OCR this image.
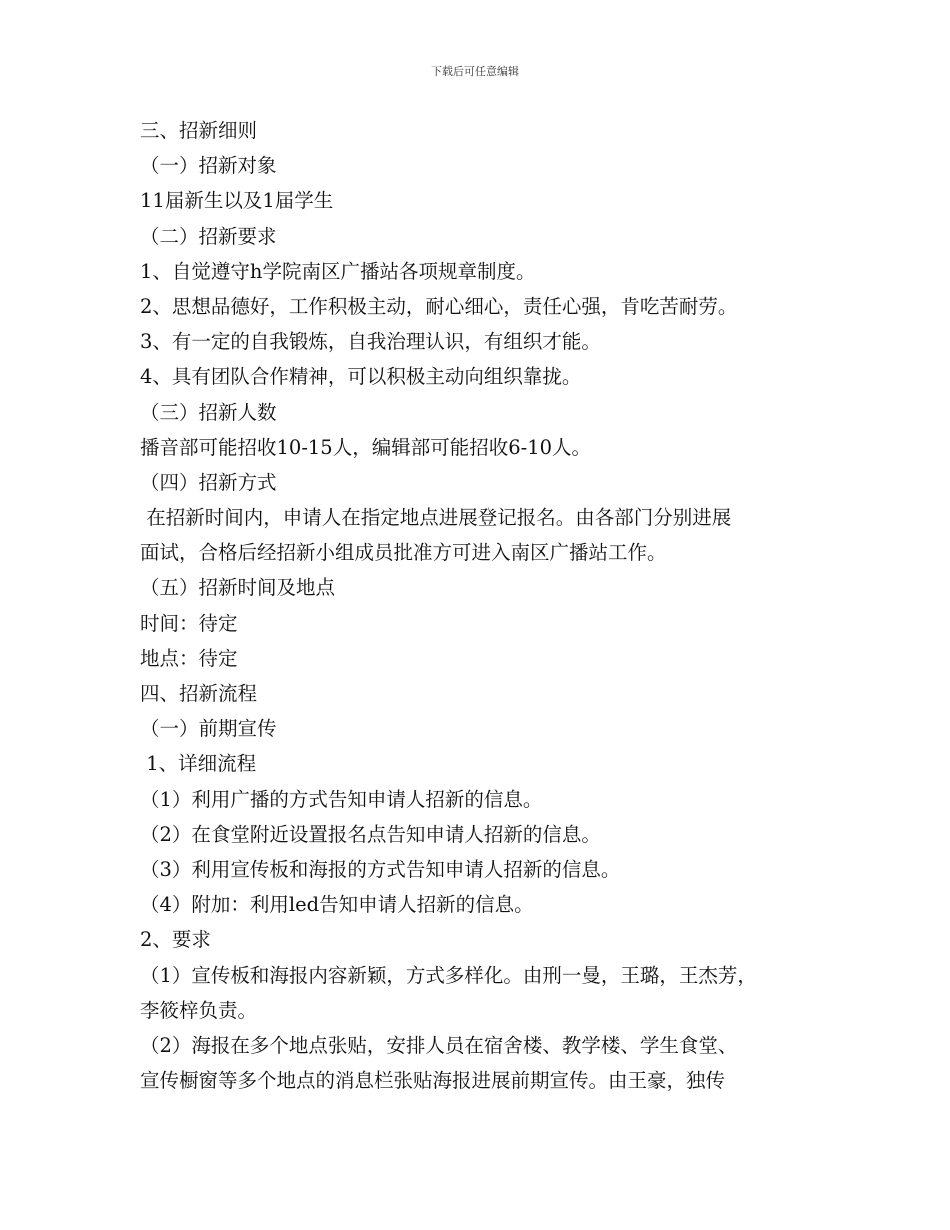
下载后可任意编辑
三、招新细则
（一）招新对象
11届新生以及1届学生
（二）招新要求
1、自觉遵守h学院南区广播站各项规章制度。
2、思想品德好，工作积极主动，耐心细心，责任心强，肯吃苦耐劳。
3、有一定的自我锻炼，自我治理认识，有组织才能。
4、具有团队合作精神，可以积极主动向组织靠拢。
（三）招新人数
播音部可能招收10-15人，编辑部可能招收6-10人。
（四）招新方式
在招新时间内，申请人在指定地点进展登记报名。由各部门分别进展
面试，合格后经招新小组成员批准方可进入南区广播站工作。
（五）招新时间及地点
时间：待定
地点：待定
四、招新流程
（一）前期宣传
1、详细流程
（1）利用广播的方式告知申请人招新的信息。
（2）在食堂附近设置报名点告知申请人招新的信息。
（3）利用宣传板和海报的方式告知申请人招新的信息。
（4）附加：利用led告知申请人招新的信息。
2、要求
（1）宣传板和海报内容新颖，方式多样化。由刑一曼，王璐，王杰芳，
李筱梓负责。
（2）海报在多个地点张贴，安排人员在宿舍楼、教学楼、学生食堂、
宣传橱窗等多个地点的消息栏张贴海报进展前期宣传。由王豪，独传
